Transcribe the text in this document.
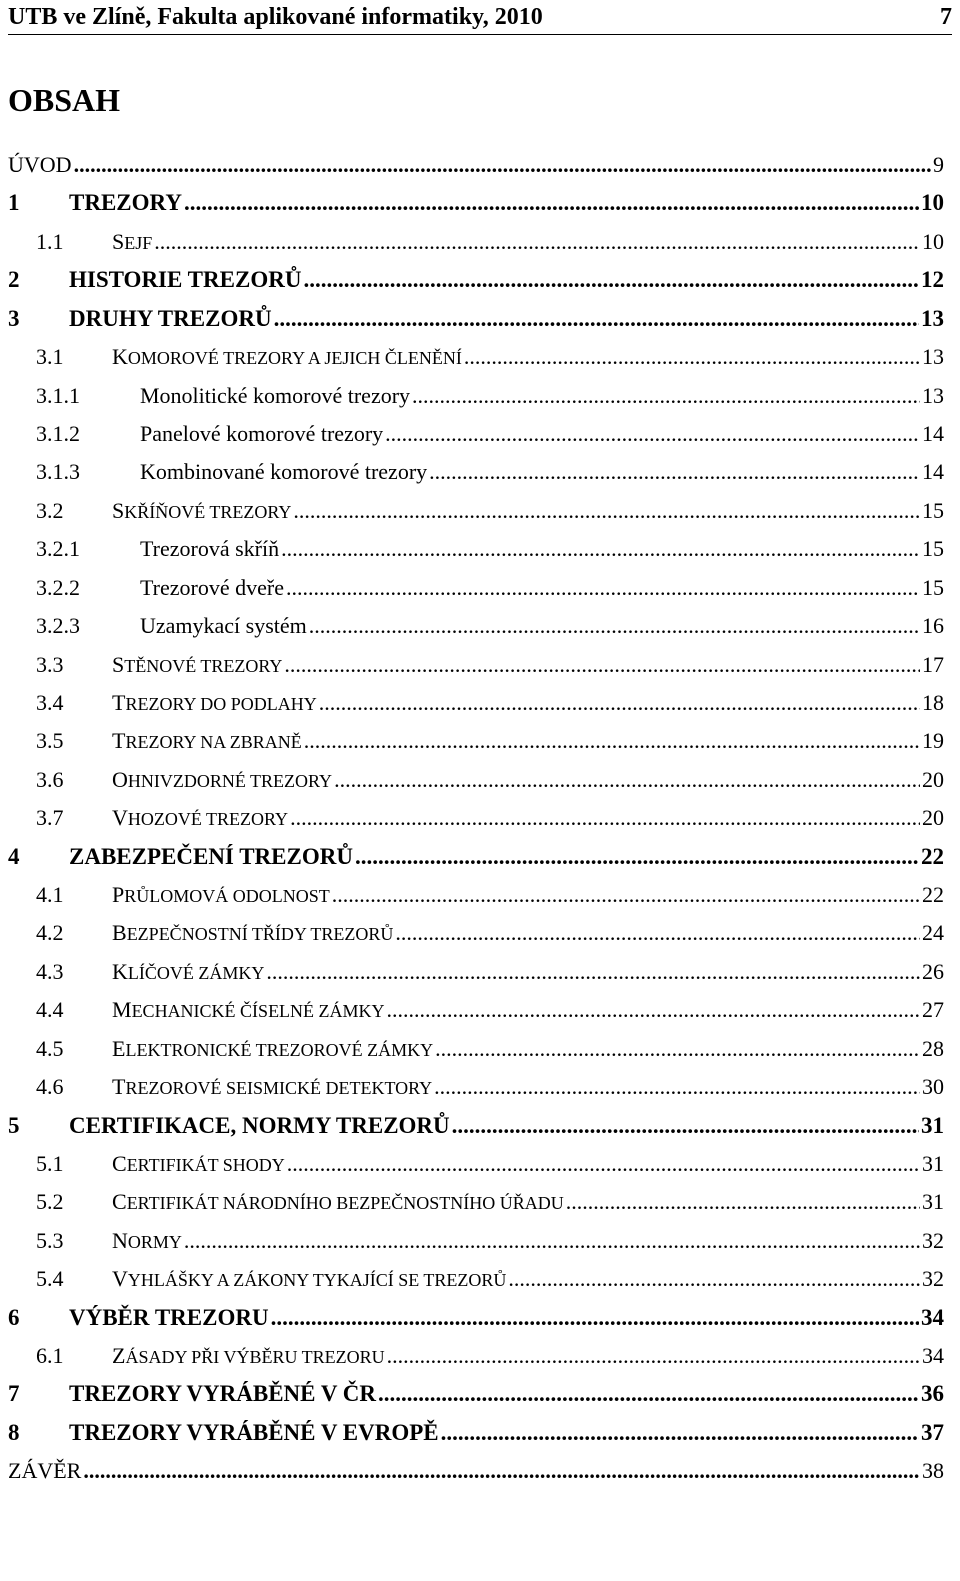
UTB ve Zlíně, Fakulta aplikované informatiky, 2010	7
OBSAH
ÚVOD .....	9
1	TREZORY .....	10
1.1	SEJF .....	10
2	HISTORIE TREZORŮ .....	12
3	DRUHY TREZORŮ .....	13
3.1	KOMOROVÉ TREZORY A JEJICH ČLENĚNÍ .....	13
3.1.1	Monolitické komorové trezory .....	13
3.1.2	Panelové komorové trezory .....	14
3.1.3	Kombinované komorové trezory .....	14
3.2	SKŘÍŇOVÉ TREZORY .....	15
3.2.1	Trezorová skříň .....	15
3.2.2	Trezorové dveře .....	15
3.2.3	Uzamykací systém .....	16
3.3	STĚNOVÉ TREZORY .....	17
3.4	TREZORY DO PODLAHY .....	18
3.5	TREZORY NA ZBRANĚ .....	19
3.6	OHNIVZDORNÉ TREZORY .....	20
3.7	VHOZOVÉ TREZORY .....	20
4	ZABEZPEČENÍ TREZORŮ .....	22
4.1	PRŮLOMOVÁ ODOLNOST .....	22
4.2	BEZPEČNOSTNÍ TŘÍDY TREZORŮ .....	24
4.3	KLÍČOVÉ ZÁMKY .....	26
4.4	MECHANICKÉ ČÍSELNÉ ZÁMKY .....	27
4.5	ELEKTRONICKÉ TREZOROVÉ ZÁMKY .....	28
4.6	TREZOROVÉ SEISMICKÉ DETEKTORY .....	30
5	CERTIFIKACE, NORMY TREZORŮ .....	31
5.1	CERTIFIKÁT SHODY .....	31
5.2	CERTIFIKÁT NÁRODNÍHO BEZPEČNOSTNÍHO ÚŘADU .....	31
5.3	NORMY .....	32
5.4	VYHLÁŠKY A ZÁKONY TYKAJÍCÍ SE TREZORŮ .....	32
6	VÝBĚR TREZORU .....	34
6.1	ZÁSADY PŘI VÝBĚRU TREZORU .....	34
7	TREZORY VYRÁBĚNÉ V ČR .....	36
8	TREZORY VYRÁBĚNÉ V EVROPĚ .....	37
ZÁVĚR .....	38
